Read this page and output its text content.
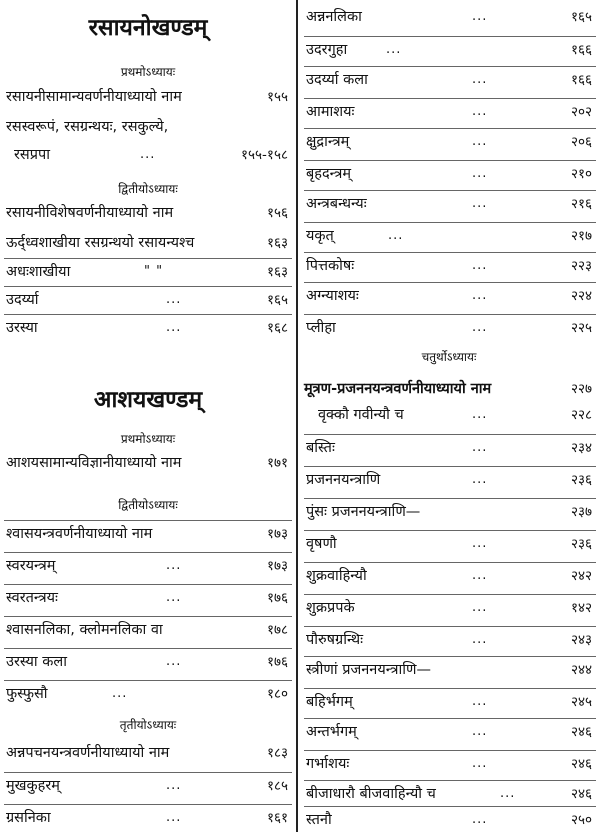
रसायनोखण्डम्
प्रथमोऽध्यायः
रसायनीसामान्यवर्णनीयाध्यायो नाम	१५५
रसस्वरूपं, रसग्रन्थयः, रसकुल्ये,
रसप्रपा	...	१५५-१५८
द्वितीयोऽध्यायः
रसायनीविशेषवर्णनीयाध्यायो नाम	१५६
ऊर्द्ध्वशाखीया रसग्रन्थयो रसायन्यश्च	१६३
अधःशाखीया	" "	१६३
उदर्य्या	...	१६५
उरस्या	...	१६८
आशयखण्डम्
प्रथमोऽध्यायः
आशयसामान्यविज्ञानीयाध्यायो नाम	१७१
द्वितीयोऽध्यायः
श्वासयन्त्रवर्णनीयाध्यायो नाम	१७३
स्वरयन्त्रम्	...	१७३
स्वरतन्त्रयः	...	१७६
श्वासनलिका, क्लोमनलिका वा	१७८
उरस्या कला	...	१७६
फुस्फुसौ	...	१८०
तृतीयोऽध्यायः
अन्नपचनयन्त्रवर्णनीयाध्यायो नाम	१८३
मुखकुहरम्	...	१८५
ग्रसनिका	...	१६१
अन्ननलिका	...	१६५
उदरगुहा	...	१६६
उदर्य्या कला	...	१६६
आमाशयः	...	२०२
क्षुद्रान्त्रम्	...	२०६
बृहदन्त्रम्	...	२१०
अन्त्रबन्धन्यः	...	२१६
यकृत्	...	२१७
पित्तकोषः	...	२२३
अग्न्याशयः	...	२२४
प्लीहा	...	२२५
चतुर्थोऽध्यायः
मूत्रण-प्रजननयन्त्रवर्णनीयाध्यायो नाम	२२७
वृक्कौ गवीन्यौ च	...	२२८
बस्तिः	...	२३४
प्रजननयन्त्राणि	...	२३६
पुंसः प्रजननयन्त्राणि—	२३७
वृषणौ	...	२३६
शुक्रवाहिन्यौ	...	२४२
शुक्रप्रपके	...	१४२
पौरुषग्रन्थिः	...	२४३
स्त्रीणां प्रजननयन्त्राणि—	२४४
बहिर्भगम्	...	२४५
अन्तर्भगम्	...	२४६
गर्भाशयः	...	२४६
बीजाधारौ बीजवाहिन्यौ च	...	२४६
स्तनौ	...	२५०
